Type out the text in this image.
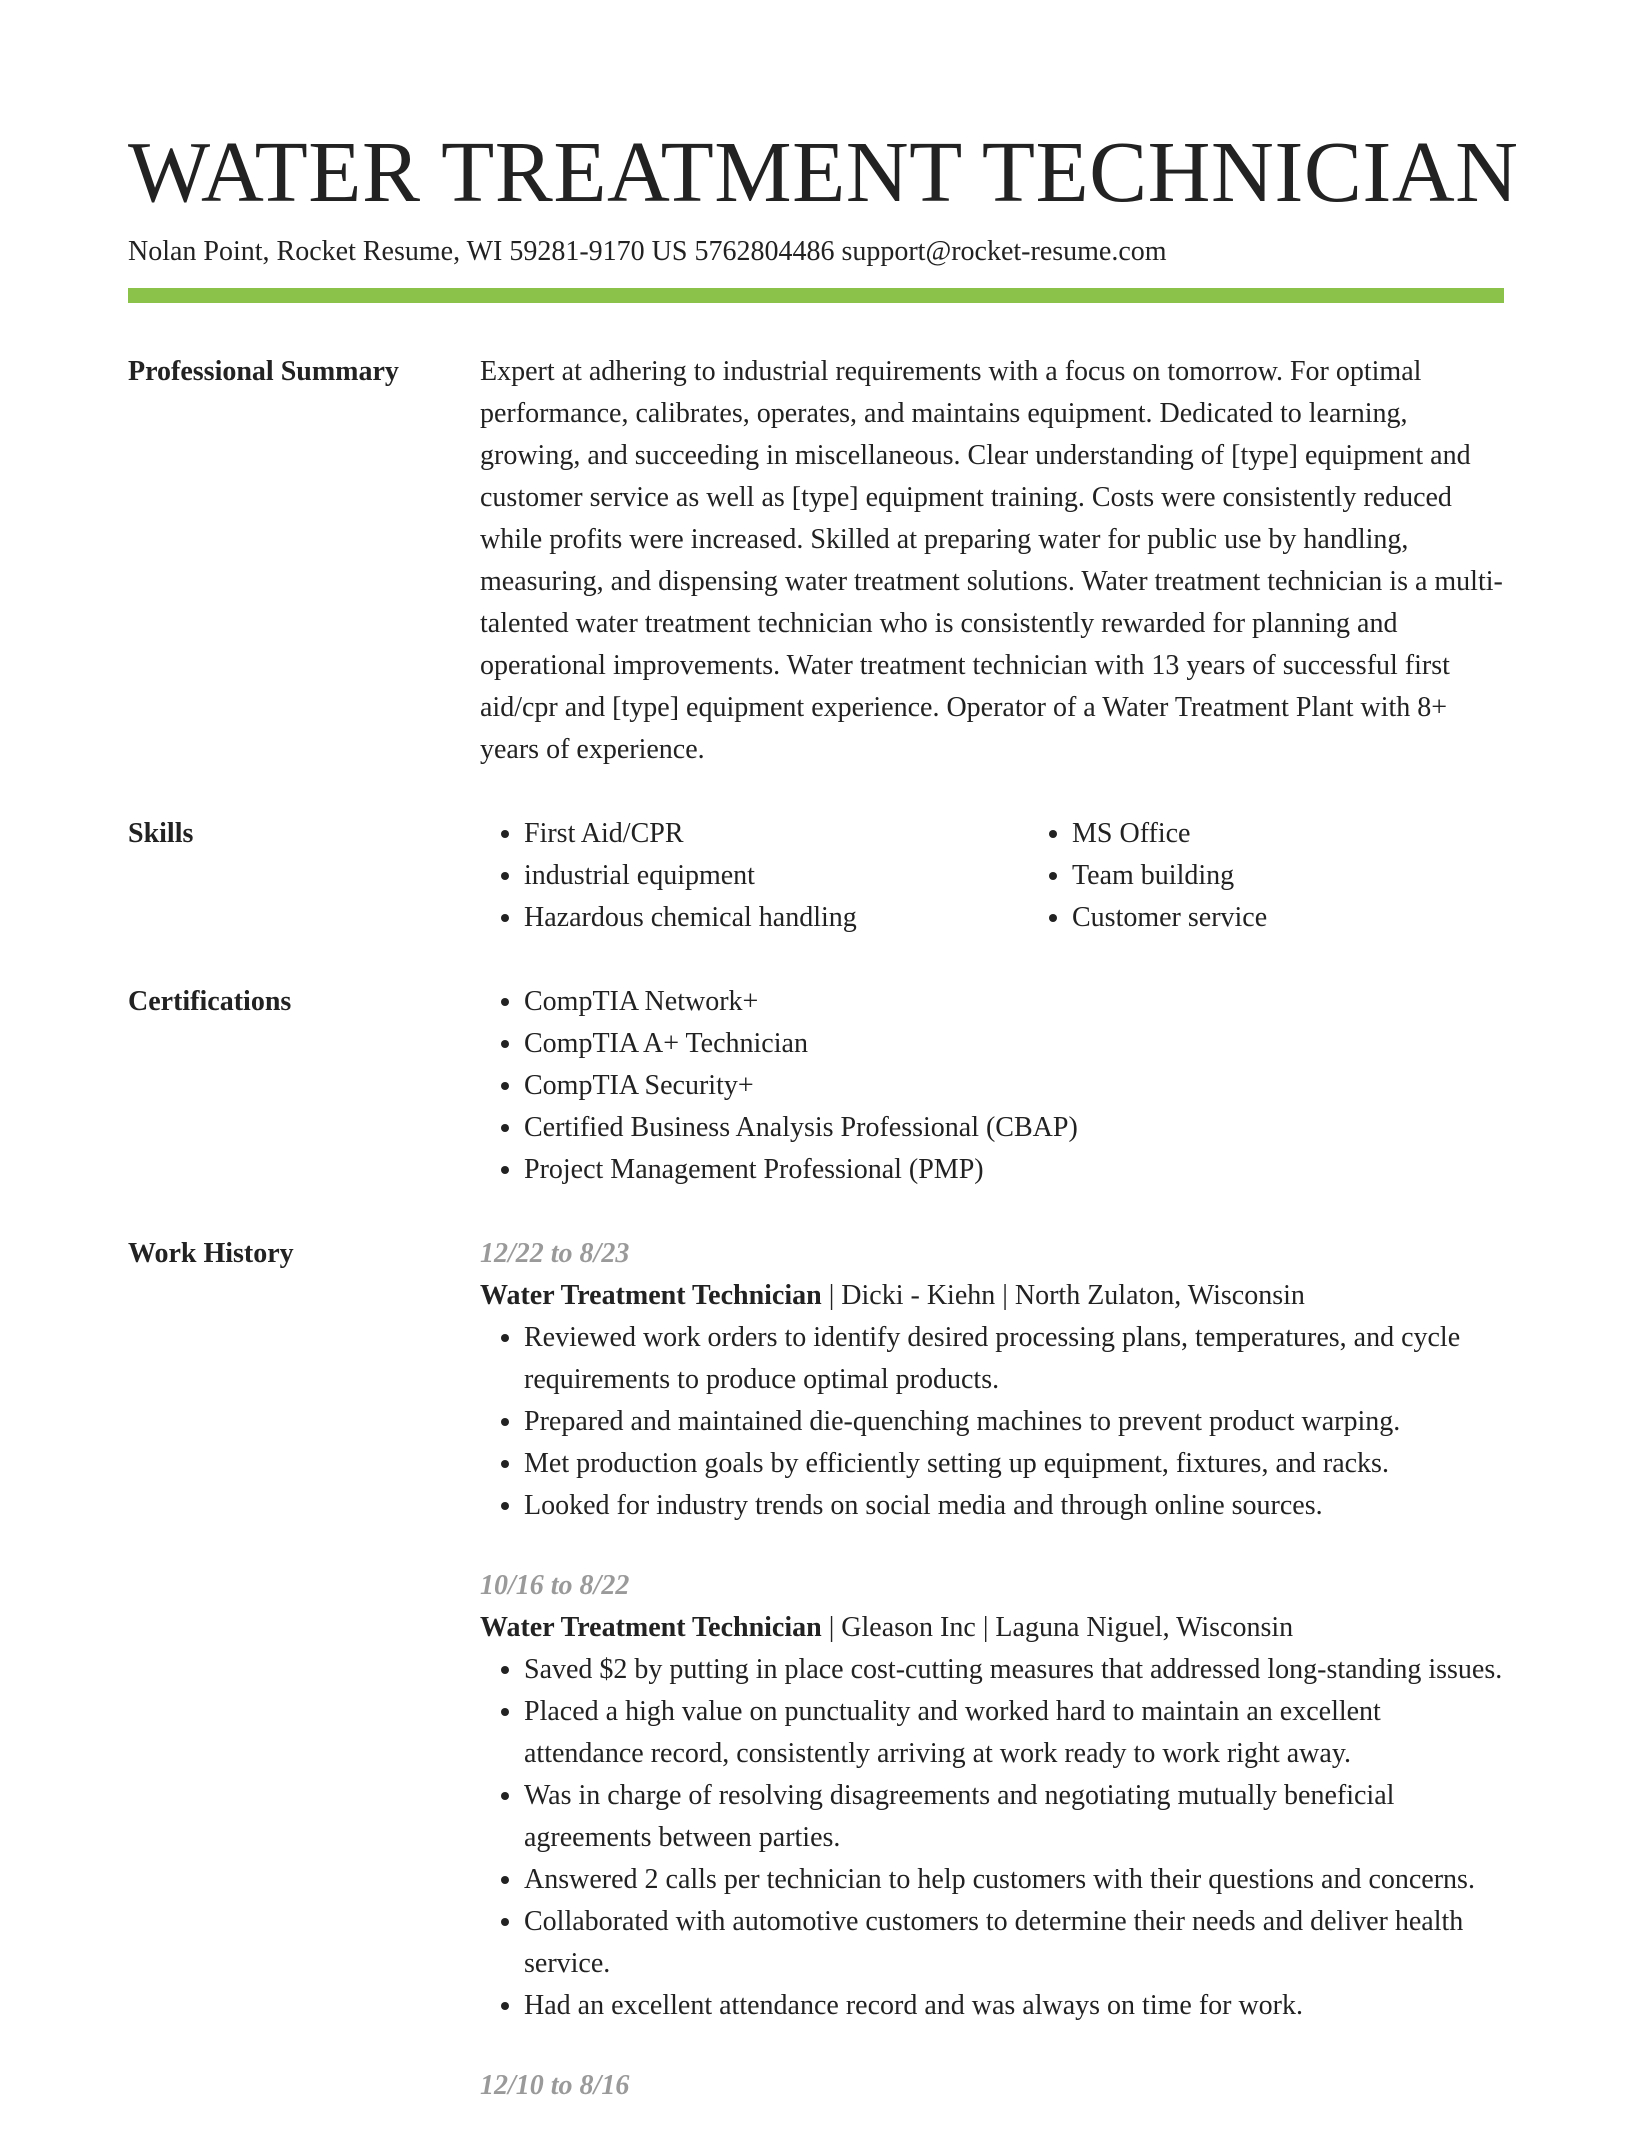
WATER TREATMENT TECHNICIAN
Nolan Point, Rocket Resume, WI 59281-9170 US 5762804486 support@rocket-resume.com
Professional Summary	Expert at adhering to industrial requirements with a focus on tomorrow. For optimal performance, calibrates, operates, and maintains equipment. Dedicated to learning, growing, and succeeding in miscellaneous. Clear understanding of [type] equipment and customer service as well as [type] equipment training. Costs were consistently reduced while profits were increased. Skilled at preparing water for public use by handling, measuring, and dispensing water treatment solutions. Water treatment technician is a multi-talented water treatment technician who is consistently rewarded for planning and operational improvements. Water treatment technician with 13 years of successful first aid/cpr and [type] equipment experience. Operator of a Water Treatment Plant with 8+ years of experience.

Skills	• First Aid/CPR
• industrial equipment
• Hazardous chemical handling
• MS Office
• Team building
• Customer service
Certifications	• CompTIA Network+
• CompTIA A+ Technician
• CompTIA Security+
• Certified Business Analysis Professional (CBAP)
• Project Management Professional (PMP)
Work History	12/22 to 8/23
Water Treatment Technician | Dicki - Kiehn | North Zulaton, Wisconsin
• Reviewed work orders to identify desired processing plans, temperatures, and cycle requirements to produce optimal products.
• Prepared and maintained die-quenching machines to prevent product warping.
• Met production goals by efficiently setting up equipment, fixtures, and racks.
• Looked for industry trends on social media and through online sources.
10/16 to 8/22
Water Treatment Technician | Gleason Inc | Laguna Niguel, Wisconsin
• Saved $2 by putting in place cost-cutting measures that addressed long-standing issues.
• Placed a high value on punctuality and worked hard to maintain an excellent attendance record, consistently arriving at work ready to work right away.
• Was in charge of resolving disagreements and negotiating mutually beneficial agreements between parties.
• Answered 2 calls per technician to help customers with their questions and concerns.
• Collaborated with automotive customers to determine their needs and deliver health service.
• Had an excellent attendance record and was always on time for work.
12/10 to 8/16
